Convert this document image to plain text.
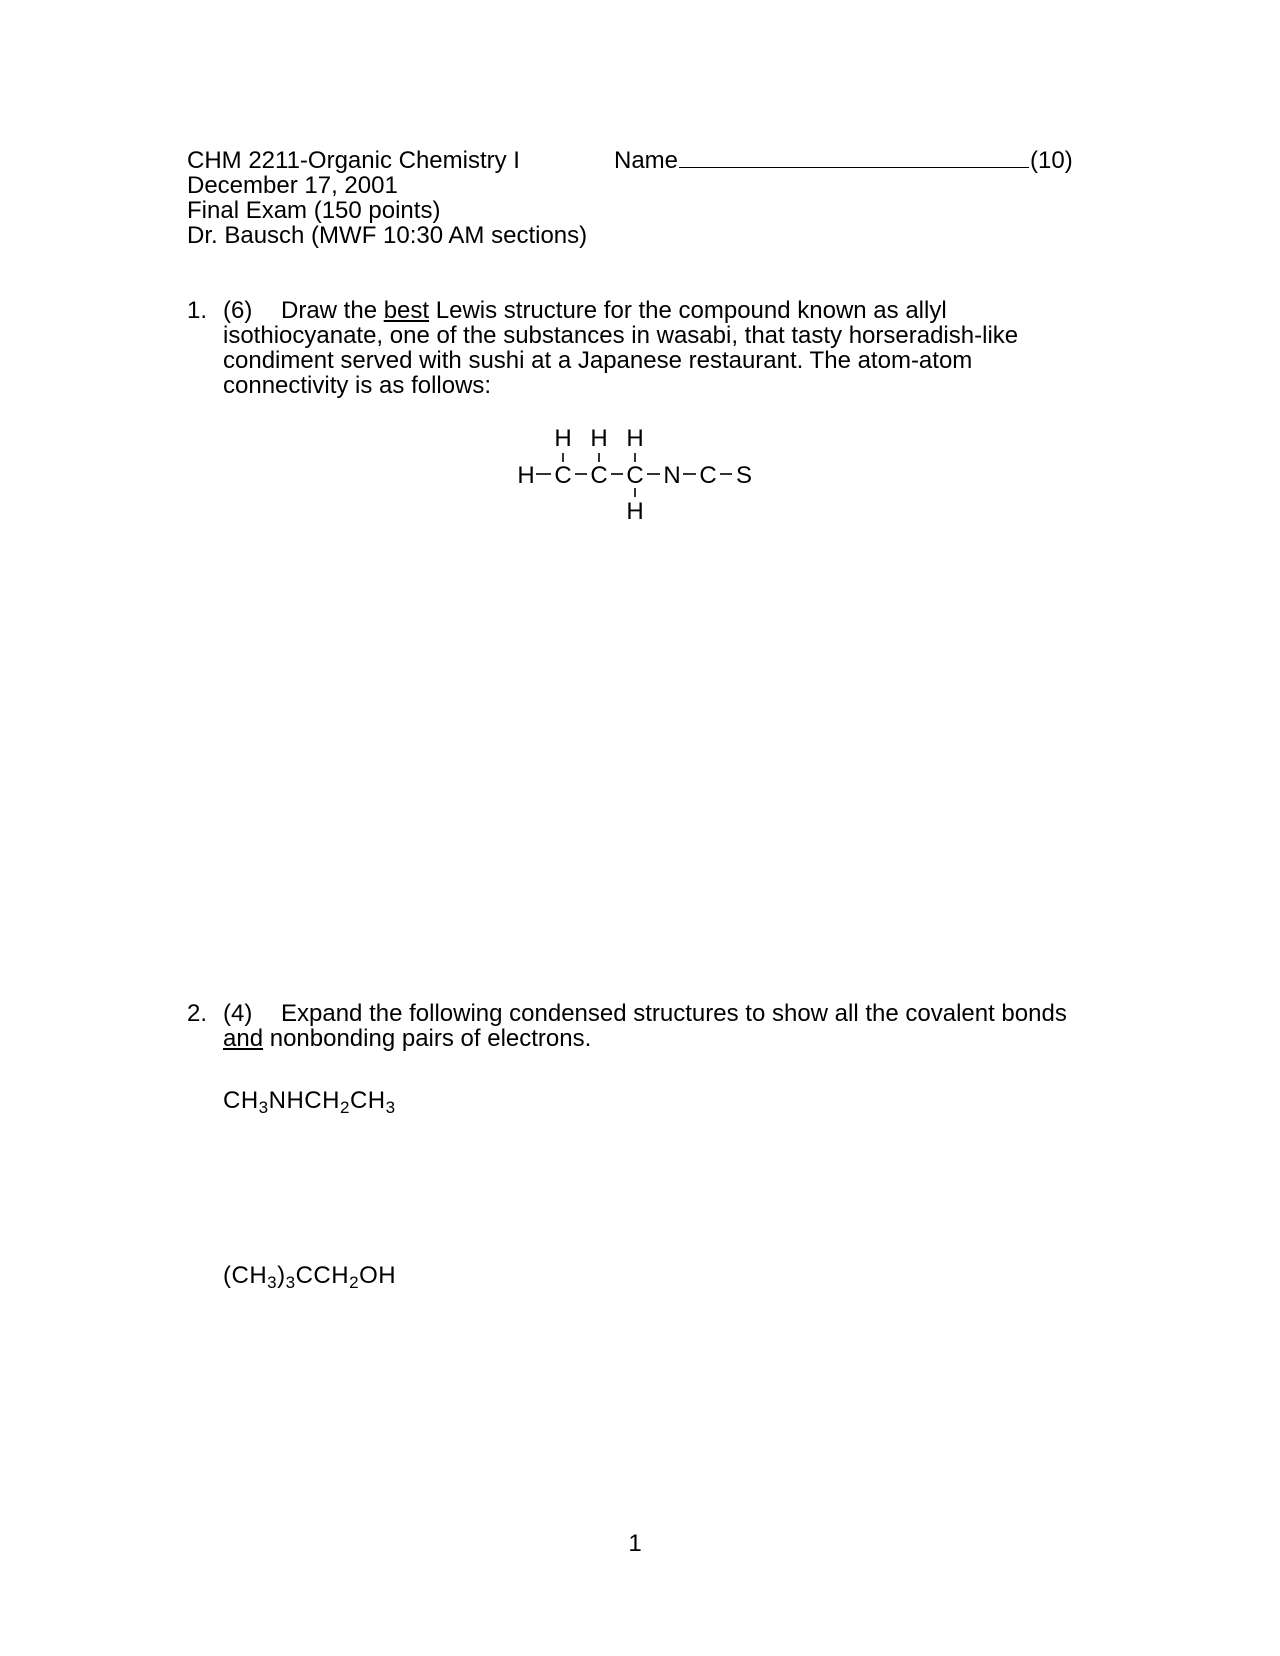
CHM 2211-Organic Chemistry I	Name	(10)
December 17, 2001
Final Exam (150 points)
Dr. Bausch (MWF 10:30 AM sections)
1. (6)	Draw the best Lewis structure for the compound known as allyl
isothiocyanate, one of the substances in wasabi, that tasty horseradish-like
condiment served with sushi at a Japanese restaurant. The atom-atom
connectivity is as follows:
H H H
H C C C N C S
H
2. (4)	Expand the following condensed structures to show all the covalent bonds
and nonbonding pairs of electrons.
$CH_3NHCH_2CH_3$
$(CH_3)_3CCH_2OH$
1
